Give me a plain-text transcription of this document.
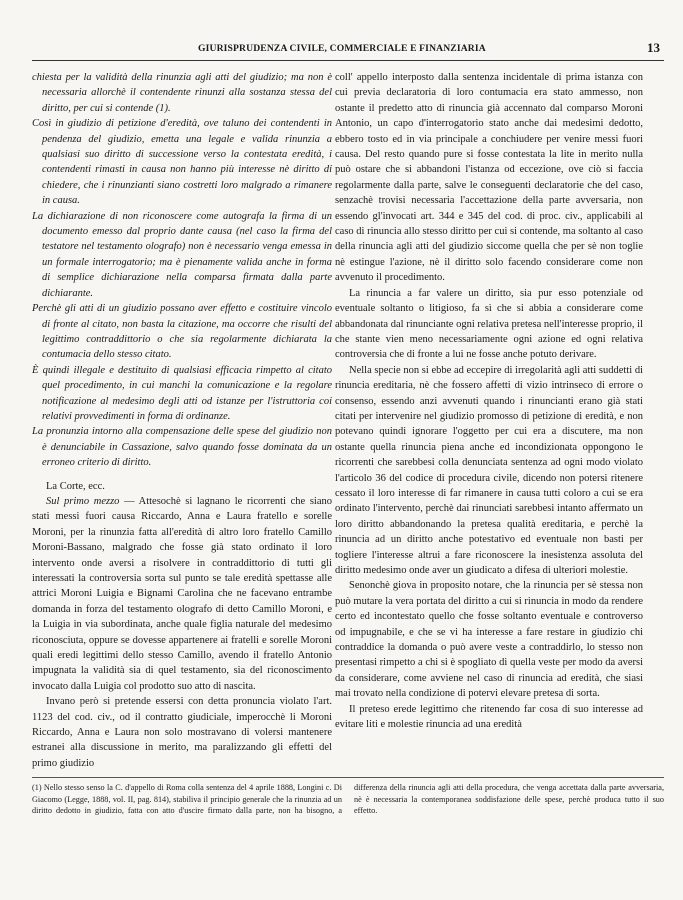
GIURISPRUDENZA CIVILE, COMMERCIALE E FINANZIARIA	13

chiesta per la validità della rinunzia agli atti del giudizio; ma non è necessaria allorchè il contendente rinunzi alla sostanza stessa del diritto, per cui si contende (1).

Così in giudizio di petizione d'eredità, ove taluno dei contendenti in pendenza del giudizio, emetta una legale e valida rinunzia a qualsiasi suo diritto di successione verso la contestata eredità, i contendenti rimasti in causa non hanno più interesse nè diritto di chiedere, che i rinunzianti siano costretti loro malgrado a rimanere in causa.

La dichiarazione di non riconoscere come autografa la firma di un documento emesso dal proprio dante causa (nel caso la firma del testatore nel testamento olografo) non è necessario venga emessa in un formale interrogatorio; ma è pienamente valida anche in forma di semplice dichiarazione nella comparsa firmata dalla parte dichiarante.

Perchè gli atti di un giudizio possano aver effetto e costituire vincolo di fronte al citato, non basta la citazione, ma occorre che risulti del legittimo contraddittorio o che sia regolarmente dichiarata la contumacia dello stesso citato.

È quindi illegale e destituito di qualsiasi efficacia rimpetto al citato quel procedimento, in cui manchi la comunicazione e la regolare notificazione al medesimo degli atti od istanze per l'istruttoria coi relativi provvedimenti in forma di ordinanze.

La pronunzia intorno alla compensazione delle spese del giudizio non è denunciabile in Cassazione, salvo quando fosse dominata da un erroneo criterio di diritto.

La Corte, ecc.

Sul primo mezzo — Attesochè si lagnano le ricorrenti che siano stati messi fuori causa Riccardo, Anna e Laura fratello e sorelle Moroni, per la rinunzia fatta all'eredità di altro loro fratello Camillo Moroni-Bassano, malgrado che fosse già stato ordinato il loro intervento onde aversi a risolvere in contraddittorio di tutti gli interessati la controversia sorta sul punto se tale eredità spettasse alle attrici Moroni Luigia e Bignami Carolina che ne facevano entrambe domanda in forza del testamento olografo di detto Camillo Moroni, e la Luigia in via subordinata, anche quale figlia naturale del medesimo riconosciuta, oppure se dovesse appartenere ai fratelli e sorelle Moroni quali eredi legittimi dello stesso Camillo, avendo il fratello Antonio impugnata la validità sia di quel testamento, sia del riconoscimento invocato dalla Luigia col prodotto suo atto di nascita.

Invano però si pretende essersi con detta pronuncia violato l'art. 1123 del cod. civ., od il contratto giudiciale, imperocchè li Moroni Riccardo, Anna e Laura non solo mostravano di volersi mantenere estranei alla discussione in merito, ma paralizzando gli effetti del primo giudizio

coll' appello interposto dalla sentenza incidentale di prima istanza con cui previa declaratoria di loro contumacia era stato ammesso, non ostante il predetto atto di rinuncia già accennato dal comparso Moroni Antonio, un capo d'interrogatorio stato anche dai medesimi dedotto, ebbero tosto ed in via principale a conchiudere per venire messi fuori causa. Del resto quando pure si fosse contestata la lite in merito nulla può ostare che si abbandoni l'istanza od eccezione, ove ciò si faccia regolarmente dalla parte, salve le conseguenti declaratorie che del caso, senzachè trovisi necessaria l'accettazione della parte avversaria, non essendo gl'invocati art. 344 e 345 del cod. di proc. civ., applicabili al caso di rinuncia allo stesso diritto per cui si contende, ma soltanto al caso della rinuncia agli atti del giudizio siccome quella che per sè non toglie nè estingue l'azione, nè il diritto solo facendo considerare come non avvenuto il procedimento.

La rinuncia a far valere un diritto, sia pur esso potenziale od eventuale soltanto o litigioso, fa sì che si abbia a considerare come abbandonata dal rinunciante ogni relativa pretesa nell'interesse proprio, il che stante vien meno necessariamente ogni azione ed ogni relativa controversia che di fronte a lui ne fosse anche potuto derivare.

Nella specie non si ebbe ad eccepire di irregolarità agli atti suddetti di rinuncia ereditaria, nè che fossero affetti di vizio intrinseco di errore o consenso, essendo anzi avvenuti quando i rinuncianti erano già stati citati per intervenire nel giudizio promosso di petizione di eredità, e non potevano quindi ignorare l'oggetto per cui era a discutere, ma non ostante quella rinuncia piena anche ed incondizionata oppongono le ricorrenti che sarebbesi colla denunciata sentenza ad ogni modo violato l'articolo 36 del codice di procedura civile, dicendo non potersi ritenere cessato il loro interesse di far rimanere in causa tutti coloro a cui se era ordinato l'intervento, perchè dai rinunciati sarebbesi intanto affermato un loro diritto abbandonando la pretesa qualità ereditaria, e perchè la rinuncia ad un diritto anche potestativo ed eventuale non basti per togliere l'interesse altrui a fare riconoscere la inesistenza assoluta del diritto medesimo onde aver un giudicato a difesa di ulteriori molestie.

Senonchè giova in proposito notare, che la rinuncia per sè stessa non può mutare la vera portata del diritto a cui si rinuncia in modo da rendere certo ed incontestato quello che fosse soltanto eventuale e controverso od impugnabile, e che se vi ha interesse a fare restare in giudizio chi contraddice la domanda o può avere veste a contraddirlo, lo stesso non presentasi rimpetto a chi si è spogliato di quella veste per modo da aversi da considerare, come avviene nel caso di rinuncia ad eredità, che siasi mai trovato nella condizione di potervi elevare pretesa di sorta.

Il preteso erede legittimo che ritenendo far cosa di suo interesse ad evitare liti e molestie rinuncia ad una eredità

(1) Nello stesso senso la C. d'appello di Roma colla sentenza del 4 aprile 1888, Longini c. Di Giacomo (Legge, 1888, vol. II, pag. 814), stabiliva il principio generale che la rinunzia ad un diritto dedotto in giudizio, fatta con atto d'uscire firmato dalla parte, non ha bisogno, a differenza della rinuncia agli atti della procedura, che venga accettata dalla parte avversaria, nè è necessaria la contemporanea soddisfazione delle spese, perchè produca tutto il suo effetto.
